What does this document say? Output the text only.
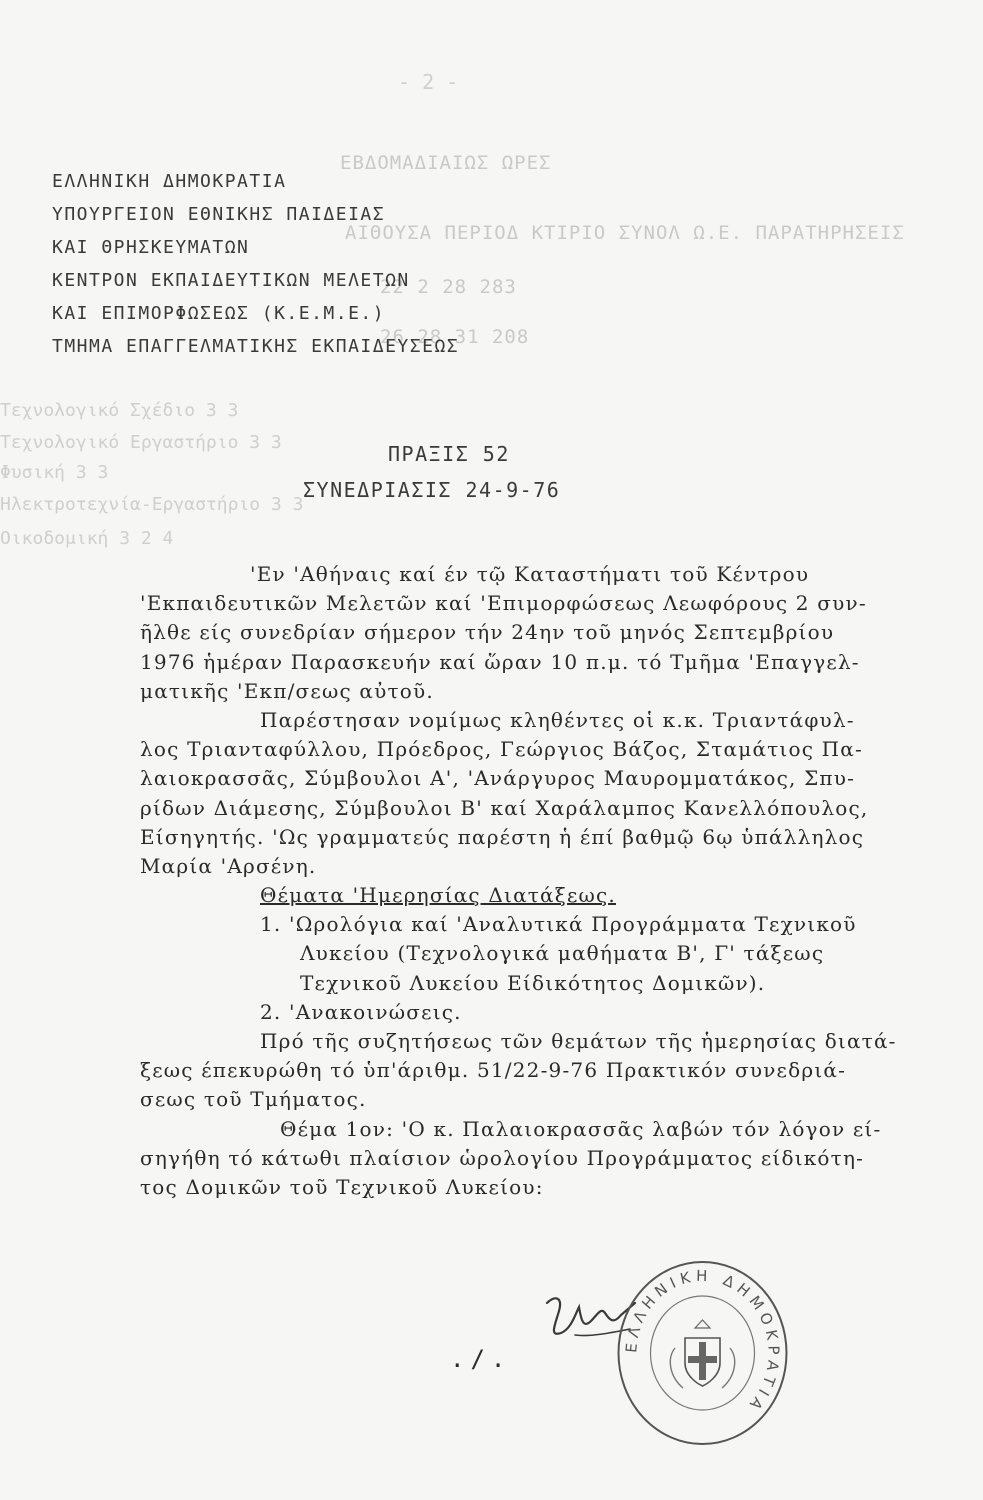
ΕΒΔΟΜΑΔΙΑΙΩΣ ΩΡΕΣ
ΑΙΘΟΥΣΑ ΠΕΡΙΟΔ ΚΤΙΡΙΟ ΣΥΝΟΛ Ω.Ε. ΠΑΡΑΤΗΡΗΣΕΙΣ
22 2 28 283
26 28 31 208
Τεχνολογικό Σχέδιο 3 3
Τεχνολογικό Εργαστήριο 3 3
Φυσική 3 3
Ηλεκτροτεχνία-Εργαστήριο 3 3
Οικοδομική 3 2 4
- 2 -
ΕΛΛΗΝΙΚΗ ΔΗΜΟΚΡΑΤΙΑ
ΥΠΟΥΡΓΕΙΟΝ ΕΘΝΙΚΗΣ ΠΑΙΔΕΙΑΣ
ΚΑΙ ΘΡΗΣΚΕΥΜΑΤΩΝ
ΚΕΝΤΡΟΝ ΕΚΠΑΙΔΕΥΤΙΚΩΝ ΜΕΛΕΤΩΝ
ΚΑΙ ΕΠΙΜΟΡΦΩΣΕΩΣ (Κ.Ε.Μ.Ε.)
ΤΜΗΜΑ ΕΠΑΓΓΕΛΜΑΤΙΚΗΣ ΕΚΠΑΙΔΕΥΣΕΩΣ
ΠΡΑΞΙΣ 52
ΣΥΝΕΔΡΙΑΣΙΣ 24-9-76
'Εν 'Αθήναις καί έν τῷ Καταστήματι τοῦ Κέντρου
'Εκπαιδευτικῶν Μελετῶν καί 'Επιμορφώσεως Λεωφόρους 2 συν-
ῆλθε είς συνεδρίαν σήμερον τήν 24ην τοῦ μηνός Σεπτεμβρίου
1976 ἡμέραν Παρασκευήν καί ὥραν 10 π.μ. τό Τμῆμα 'Επαγγελ-
ματικῆς 'Εκπ/σεως αὐτοῦ.
Παρέστησαν νομίμως κληθέντες οἱ κ.κ. Τριαντάφυλ-
λος Τριανταφύλλου, Πρόεδρος, Γεώργιος Βάζος, Σταμάτιος Πα-
λαιοκρασσᾶς, Σύμβουλοι Α', 'Ανάργυρος Μαυρομματάκος, Σπυ-
ρίδων Διάμεσης, Σύμβουλοι Β' καί Χαράλαμπος Κανελλόπουλος,
Είσηγητής. 'Ως γραμματεύς παρέστη ἡ έπί βαθμῷ 6ῳ ὑπάλληλος
Μαρία 'Αρσένη.
Θέματα 'Ημερησίας Διατάξεως.
1. 'Ωρολόγια καί 'Αναλυτικά Προγράμματα Τεχνικοῦ
Λυκείου (Τεχνολογικά μαθήματα Β', Γ' τάξεως
Τεχνικοῦ Λυκείου Είδικότητος Δομικῶν).
2. 'Ανακοινώσεις.
Πρό τῆς συζητήσεως τῶν θεμάτων τῆς ἡμερησίας διατά-
ξεως έπεκυρώθη τό ὑπ'άριθμ. 51/22-9-76 Πρακτικόν συνεδριά-
σεως τοῦ Τμήματος.
Θέμα 1ον: 'Ο κ. Παλαιοκρασσᾶς λαβών τόν λόγον εί-
σηγήθη τό κάτωθι πλαίσιον ὡρολογίου Προγράμματος είδικότη-
τος Δομικῶν τοῦ Τεχνικοῦ Λυκείου:
./.	ΕΛΛΗΝΙΚΗ ΔΗΜΟΚΡΑΤΙΑ
